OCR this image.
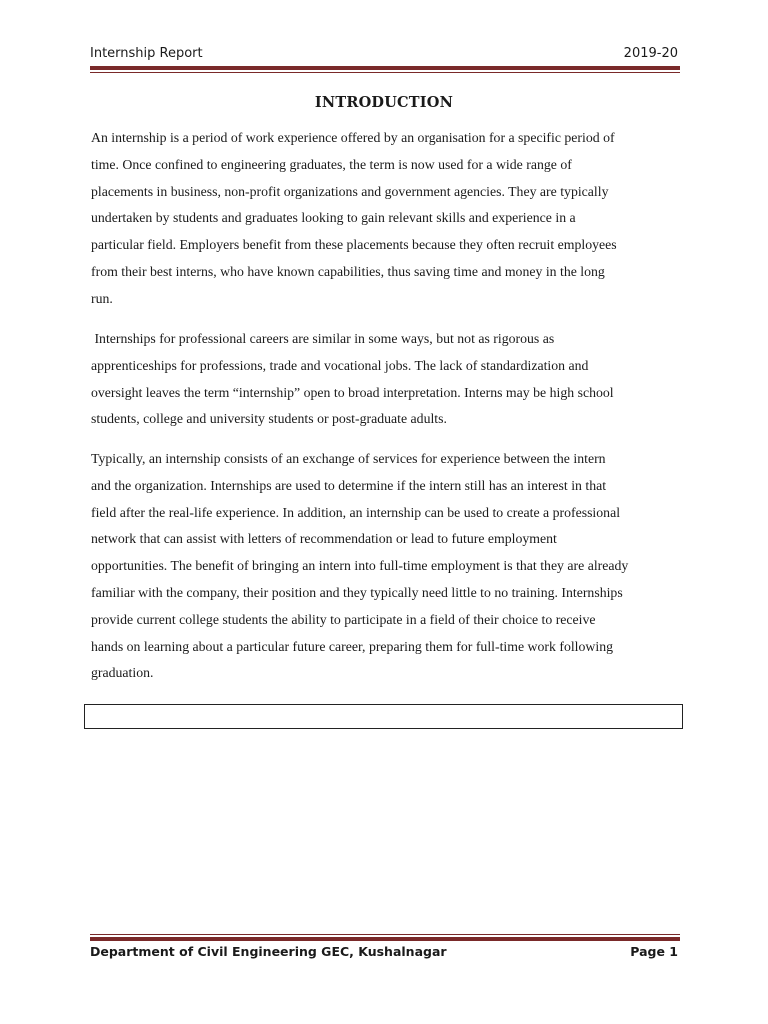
Internship Report	2019-20
INTRODUCTION

An internship is a period of work experience offered by an organisation for a specific period of
time. Once confined to engineering graduates, the term is now used for a wide range of
placements in business, non-profit organizations and government agencies. They are typically
undertaken by students and graduates looking to gain relevant skills and experience in a
particular field. Employers benefit from these placements because they often recruit employees
from their best interns, who have known capabilities, thus saving time and money in the long
run.

Internships for professional careers are similar in some ways, but not as rigorous as
apprenticeships for professions, trade and vocational jobs. The lack of standardization and
oversight leaves the term “internship” open to broad interpretation. Interns may be high school
students, college and university students or post-graduate adults.

Typically, an internship consists of an exchange of services for experience between the intern
and the organization. Internships are used to determine if the intern still has an interest in that
field after the real-life experience. In addition, an internship can be used to create a professional
network that can assist with letters of recommendation or lead to future employment
opportunities. The benefit of bringing an intern into full-time employment is that they are already
familiar with the company, their position and they typically need little to no training. Internships
provide current college students the ability to participate in a field of their choice to receive
hands on learning about a particular future career, preparing them for full-time work following
graduation.

Department of Civil Engineering GEC, Kushalnagar	Page 1
